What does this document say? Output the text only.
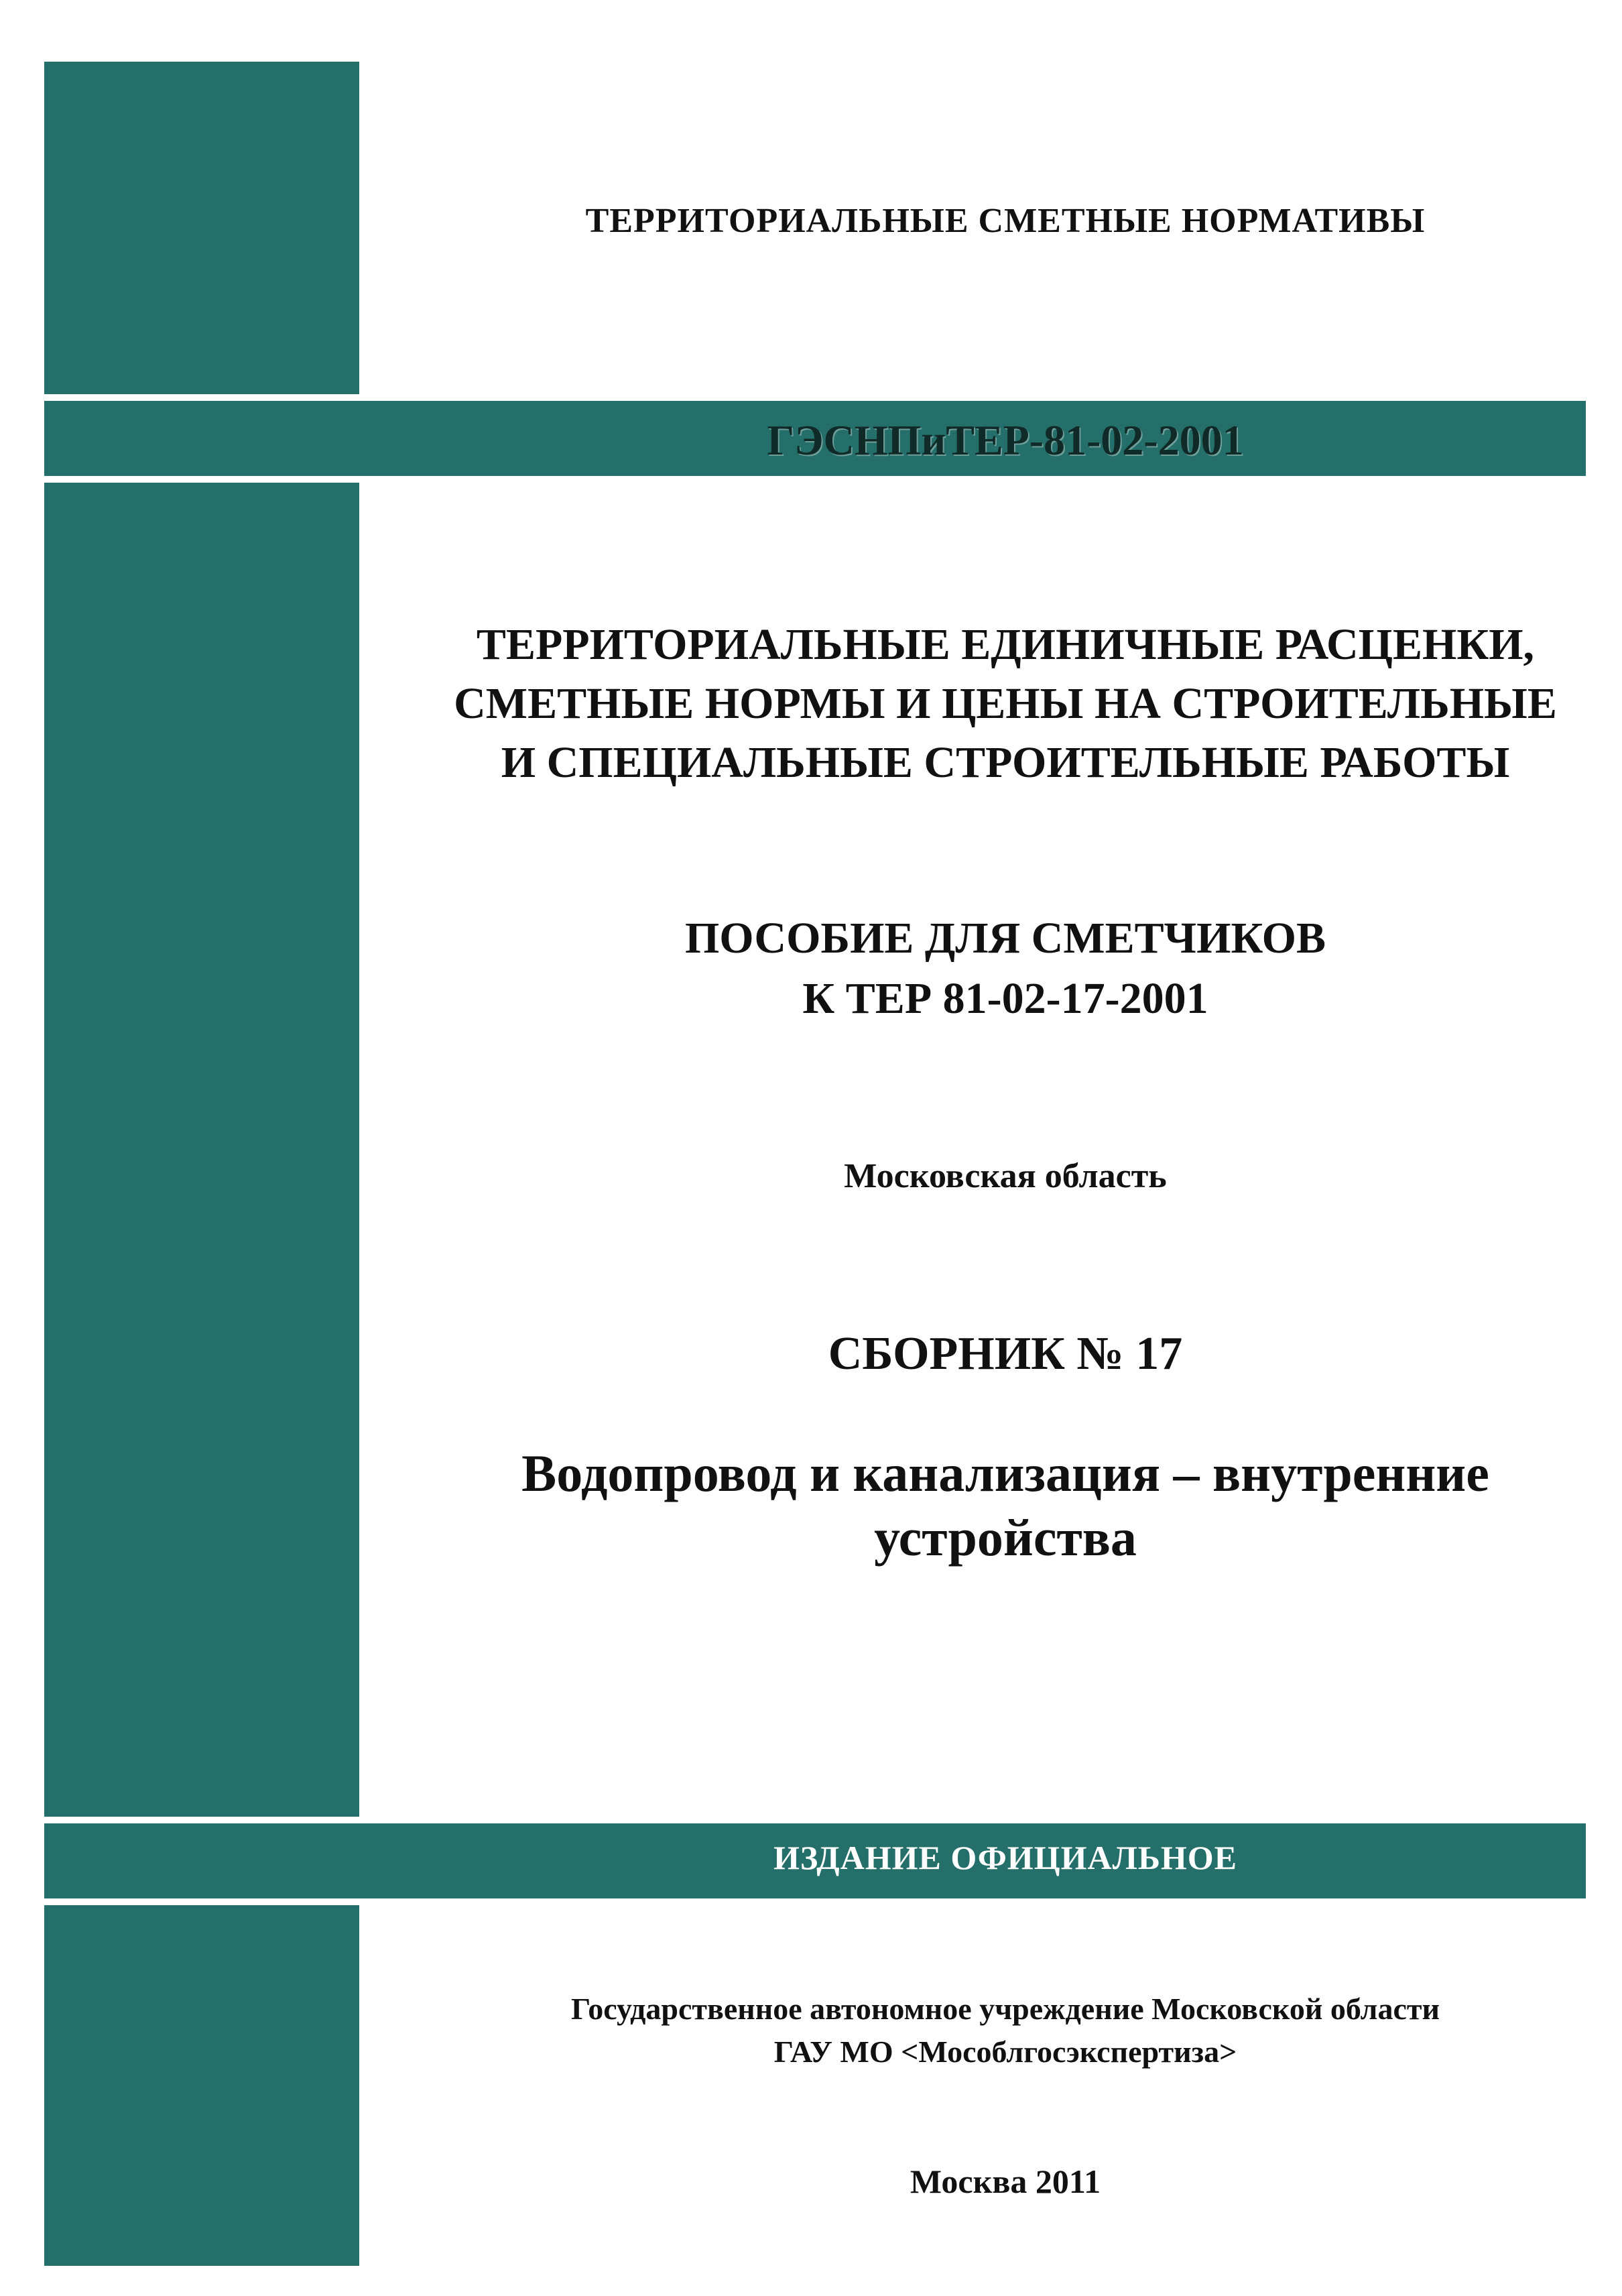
ТЕРРИТОРИАЛЬНЫЕ СМЕТНЫЕ НОРМАТИВЫ
ГЭСНПиТЕР-81-02-2001
ТЕРРИТОРИАЛЬНЫЕ ЕДИНИЧНЫЕ РАСЦЕНКИ,
СМЕТНЫЕ НОРМЫ И ЦЕНЫ НА СТРОИТЕЛЬНЫЕ
И СПЕЦИАЛЬНЫЕ СТРОИТЕЛЬНЫЕ РАБОТЫ
ПОСОБИЕ ДЛЯ СМЕТЧИКОВ
К ТЕР 81-02-17-2001
Московская область
СБОРНИК № 17
Водопровод и канализация – внутренние
устройства
ИЗДАНИЕ ОФИЦИАЛЬНОЕ
Государственное автономное учреждение Московской области
ГАУ МО <Мособлгосэкспертиза>
Москва 2011
